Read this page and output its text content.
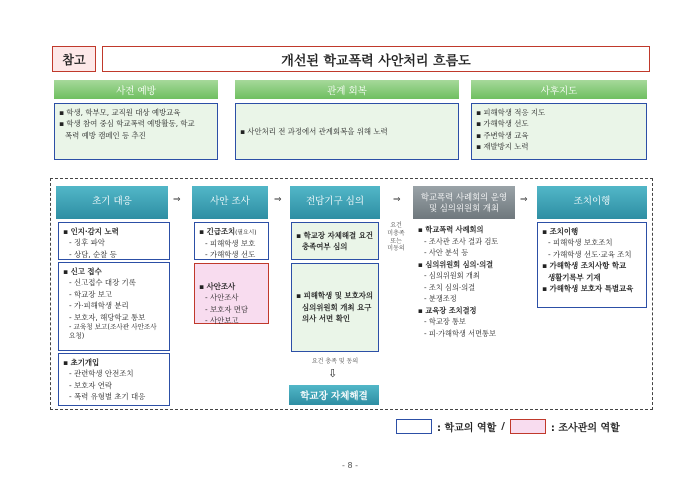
참고	개선된 학교폭력 사안처리 흐름도
사전 예방
▪ 학생, 학부모, 교직원 대상 예방교육
▪ 학생 참여 중심 학교폭력 예방활동, 학교
폭력 예방 캠페인 등 추진
관계 회복
▪ 사안처리 전 과정에서 관계회복을 위해 노력
사후지도
▪ 피해학생 적응 지도
▪ 가해학생 선도
▪ 주변학생 교육
▪ 재발방지 노력
초기 대응	⇒	사안 조사	⇒	전담기구 심의	⇒ 학교폭력 사례회의 운영
및 심의위원회 개최
⇒	조치이행
▪ 인지·감지 노력
- 징후 파악
- 상담, 순찰 등
▪ 신고 접수
- 신고접수 대장 기록
- 학교장 보고
- 가·피해학생 분리
- 보호자, 해당학교 통보
- 교육청 보고(조사관 사안조사
요청)
▪ 초기개입
- 관련학생 안전조치
- 보호자 연락
- 폭력 유형별 초기 대응
▪ 긴급조치(필요시)
- 피해학생 보호
- 가해학생 선도
▪ 사안조사
- 사안조사
- 보호자 면담
- 사안보고
▪ 학교장 자체해결 요건
충족여부 심의
▪ 피해학생 및 보호자의
심의위원회 개최 요구
의사 서면 확인
요건 충족 및 동의
⇩
학교장 자체해결
요건
미충족
또는
미동의
▪ 학교폭력 사례회의
- 조사관 조사 결과 검토
- 사안 분석 등
▪ 심의위원회 심의·의결
- 심의위원회 개최
- 조치 심의·의결
- 분쟁조정
▪ 교육장 조치결정
- 학교장 통보
- 피·가해학생 서면통보
▪ 조치이행
- 피해학생 보호조치
- 가해학생 선도·교육 조치
▪ 가해학생 조치사항 학교
생활기록부 기재
▪ 가해학생 보호자 특별교육
: 학교의 역할 /	: 조사관의 역할
- 8 -
